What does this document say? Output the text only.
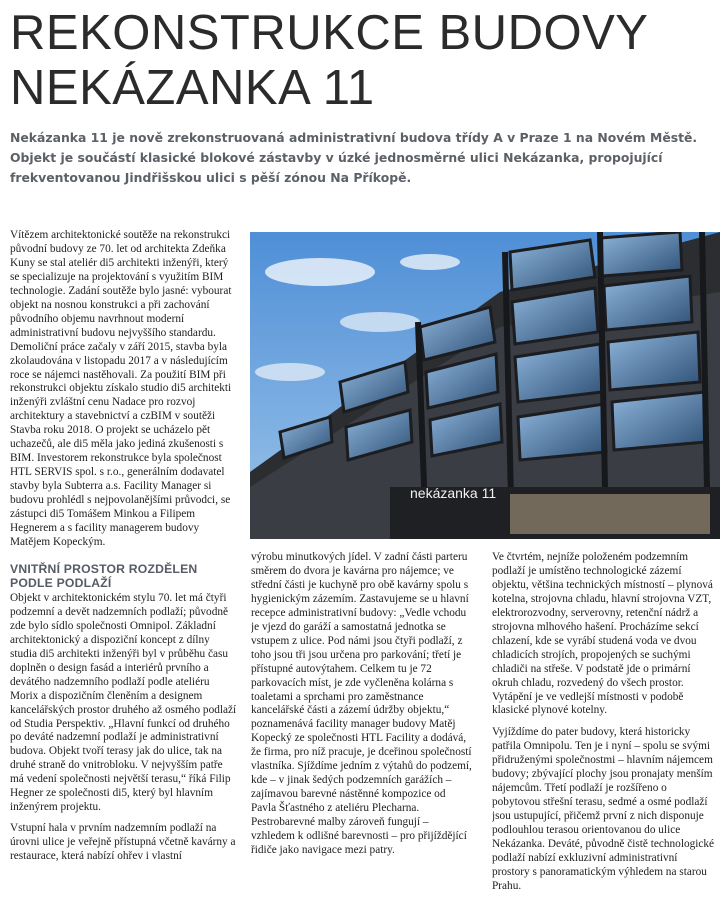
REKONSTRUKCE BUDOVY
NEKÁZANKA 11

Nekázanka 11 je nově zrekonstruovaná administrativní budova třídy A v Praze 1 na Novém Městě. Objekt je součástí klasické blokové zástavby v úzké jednosměrné ulici Nekázanka, propojující frekventovanou Jindřišskou ulici s pěší zónou Na Příkopě.

Vítězem architektonické soutěže na rekonstrukci původní budovy ze 70. let od architekta Zdeňka Kuny se stal ateliér di5 architekti inženýři, který se specializuje na projektování s využitím BIM technologie. Zadání soutěže bylo jasné: vybourat objekt na nosnou konstrukci a při zachování původního objemu navrhnout moderní administrativní budovu nejvyššího standardu. Demoliční práce začaly v září 2015, stavba byla zkolaudována v listopadu 2017 a v následujícím roce se nájemci nastěhovali. Za použití BIM při rekonstrukci objektu získalo studio di5 architekti inženýři zvláštní cenu Nadace pro rozvoj architektury a stavebnictví a czBIM v soutěži Stavba roku 2018. O projekt se ucházelo pět uchazečů, ale di5 měla jako jediná zkušenosti s BIM. Investorem rekonstrukce byla společnost HTL SERVIS spol. s r.o., generálním dodavatel stavby byla Subterra a.s. Facility Manager si budovu prohlédl s nejpovolanějšími průvodci, se zástupci di5 Tomášem Minkou a Filipem Hegnerem a s facility managerem budovy Matějem Kopeckým.

VNITŘNÍ PROSTOR ROZDĚLEN PODLE PODLAŽÍ

Objekt v architektonickém stylu 70. let má čtyři podzemní a devět nadzemních podlaží; původně zde bylo sídlo společnosti Omnipol. Základní architektonický a dispoziční koncept z dílny studia di5 architekti inženýři byl v průběhu času doplněn o design fasád a interiérů prvního a devátého nadzemního podlaží podle ateliéru Morix a dispozičním členěním a designem kancelářských prostor druhého až osmého podlaží od Studia Perspektiv. „Hlavní funkcí od druhého po deváté nadzemní podlaží je administrativní budova. Objekt tvoří terasy jak do ulice, tak na druhé straně do vnitrobloku. V nejvyšším patře má vedení společnosti největší terasu,“ říká Filip Hegner ze společnosti di5, který byl hlavním inženýrem projektu.

Vstupní hala v prvním nadzemním podlaží na úrovni ulice je veřejně přístupná včetně kavárny a restaurace, která nabízí ohřev i vlastní

nekázanka 11

výrobu minutkových jídel. V zadní části parteru směrem do dvora je kavárna pro nájemce; ve střední části je kuchyně pro obě kavárny spolu s hygienickým zázemím. Zastavujeme se u hlavní recepce administrativní budovy: „Vedle vchodu je vjezd do garáží a samostatná jednotka se vstupem z ulice. Pod námi jsou čtyři podlaží, z toho jsou tři jsou určena pro parkování; třetí je přístupné autovýtahem. Celkem tu je 72 parkovacích míst, je zde vyčleněna kolárna s toaletami a sprchami pro zaměstnance kancelářské části a zázemí údržby objektu,“ poznamenává facility manager budovy Matěj Kopecký ze společnosti HTL Facility a dodává, že firma, pro níž pracuje, je dceřinou společností vlastníka. Sjíždíme jedním z výtahů do podzemí, kde – v jinak šedých podzemních garážích – zajímavou barevné nástěnné kompozice od Pavla Šťastného z ateliéru Plecharna. Pestrobarevné malby zároveň fungují – vzhledem k odlišné barevnosti – pro přijíždějící řidiče jako navigace mezi patry.

Ve čtvrtém, nejníže položeném podzemním podlaží je umístěno technologické zázemí objektu, většina technických místností – plynová kotelna, strojovna chladu, hlavní strojovna VZT, elektrorozvodny, serverovny, retenční nádrž a strojovna mlhového hašení. Procházíme sekcí chlazení, kde se vyrábí studená voda ve dvou chladicích strojích, propojených se suchými chladiči na střeše. V podstatě jde o primární okruh chladu, rozvedený do všech prostor. Vytápění je ve vedlejší místnosti v podobě klasické plynové kotelny.

Vyjíždíme do pater budovy, která historicky patřila Omnipolu. Ten je i nyní – spolu se svými přidruženými společnostmi – hlavním nájemcem budovy; zbývající plochy jsou pronajaty menším nájemcům. Třetí podlaží je rozšířeno o pobytovou střešní terasu, sedmé a osmé podlaží jsou ustupující, přičemž první z nich disponuje podlouhlou terasou orientovanou do ulice Nekázanka. Deváté, původně čistě technologické podlaží nabízí exkluzivní administrativní prostory s panoramatickým výhledem na starou Prahu.
